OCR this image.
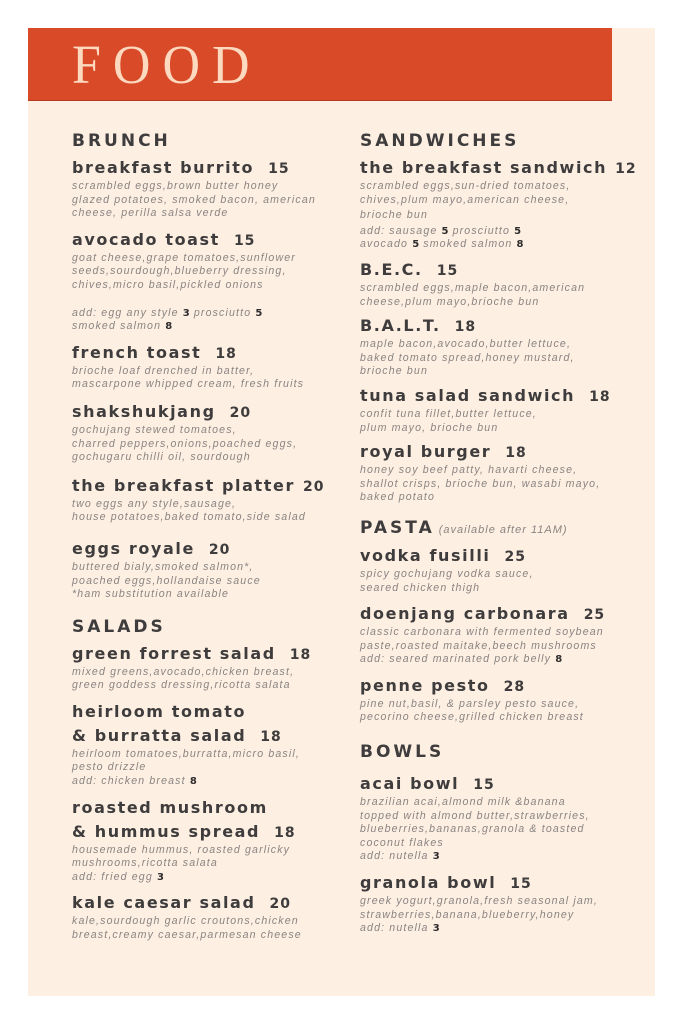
FOOD
BRUNCH
breakfast burrito 15
scrambled eggs,brown butter honey
glazed potatoes, smoked bacon, american
cheese, perilla salsa verde
avocado toast 15
goat cheese,grape tomatoes,sunflower
seeds,sourdough,blueberry dressing,
chives,micro basil,pickled onions
add: egg any style 3 prosciutto 5
smoked salmon 8
french toast 18
brioche loaf drenched in batter,
mascarpone whipped cream, fresh fruits
shakshukjang 20
gochujang stewed tomatoes,
charred peppers,onions,poached eggs,
gochugaru chilli oil, sourdough
the breakfast platter 20
two eggs any style,sausage,
house potatoes,baked tomato,side salad
eggs royale 20
buttered bialy,smoked salmon*,
poached eggs,hollandaise sauce
*ham substitution available
SALADS
green forrest salad 18
mixed greens,avocado,chicken breast,
green goddess dressing,ricotta salata
heirloom tomato
& burratta salad 18
heirloom tomatoes,burratta,micro basil,
pesto drizzle
add: chicken breast 8
roasted mushroom
& hummus spread 18
housemade hummus, roasted garlicky
mushrooms,ricotta salata
add: fried egg 3
kale caesar salad 20
kale,sourdough garlic croutons,chicken
breast,creamy caesar,parmesan cheese
SANDWICHES
the breakfast sandwich 12
scrambled eggs,sun-dried tomatoes,
chives,plum mayo,american cheese,
brioche bun
add: sausage 5 prosciutto 5
avocado 5 smoked salmon 8
B.E.C. 15
scrambled eggs,maple bacon,american
cheese,plum mayo,brioche bun
B.A.L.T. 18
maple bacon,avocado,butter lettuce,
baked tomato spread,honey mustard,
brioche bun
tuna salad sandwich 18
confit tuna fillet,butter lettuce,
plum mayo, brioche bun
royal burger 18
honey soy beef patty, havarti cheese,
shallot crisps, brioche bun, wasabi mayo,
baked potato
PASTA (available after 11AM)
vodka fusilli 25
spicy gochujang vodka sauce,
seared chicken thigh
doenjang carbonara 25
classic carbonara with fermented soybean
paste,roasted maitake,beech mushrooms
add: seared marinated pork belly 8
penne pesto 28
pine nut,basil, & parsley pesto sauce,
pecorino cheese,grilled chicken breast
BOWLS
acai bowl 15
brazilian acai,almond milk &banana
topped with almond butter,strawberries,
blueberries,bananas,granola & toasted
coconut flakes
add: nutella 3
granola bowl 15
greek yogurt,granola,fresh seasonal jam,
strawberries,banana,blueberry,honey
add: nutella 3
